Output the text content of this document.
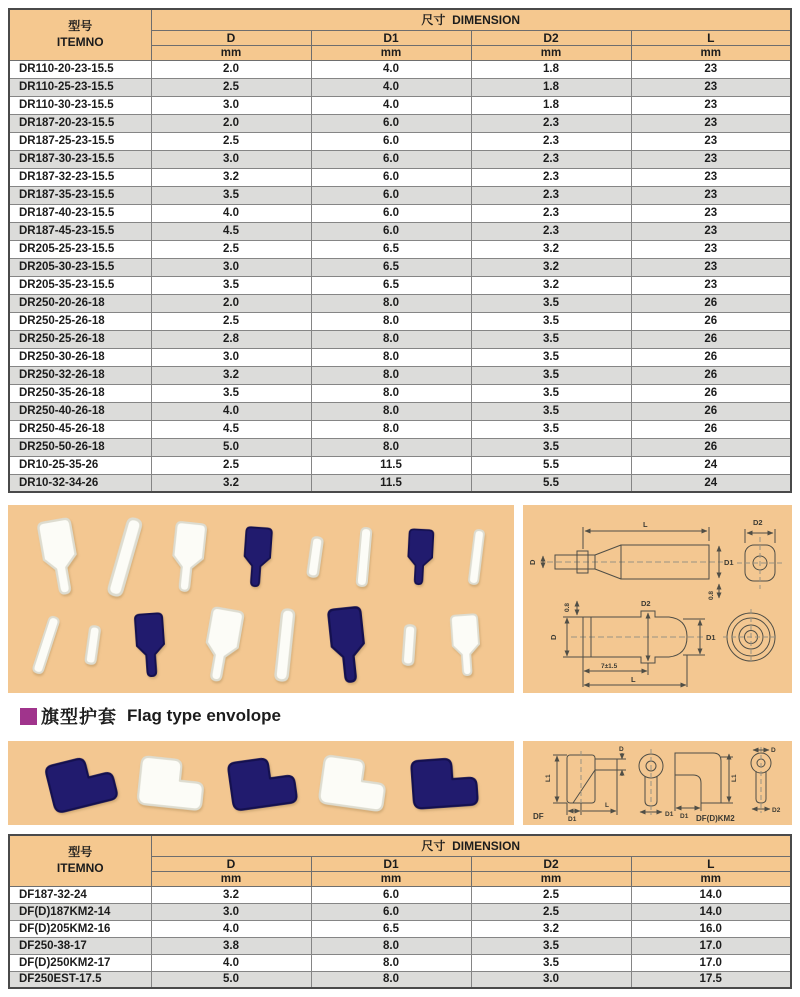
型号
ITEMNO	尺寸 DIMENSION			
	D	D1	D2	L
	mm	mm	mm	mm
DR110-20-23-15.5	2.0	4.0	1.8	23
DR110-25-23-15.5	2.5	4.0	1.8	23
DR110-30-23-15.5	3.0	4.0	1.8	23
DR187-20-23-15.5	2.0	6.0	2.3	23
DR187-25-23-15.5	2.5	6.0	2.3	23
DR187-30-23-15.5	3.0	6.0	2.3	23
DR187-32-23-15.5	3.2	6.0	2.3	23
DR187-35-23-15.5	3.5	6.0	2.3	23
DR187-40-23-15.5	4.0	6.0	2.3	23
DR187-45-23-15.5	4.5	6.0	2.3	23
DR205-25-23-15.5	2.5	6.5	3.2	23
DR205-30-23-15.5	3.0	6.5	3.2	23
DR205-35-23-15.5	3.5	6.5	3.2	23
DR250-20-26-18	2.0	8.0	3.5	26
DR250-25-26-18	2.5	8.0	3.5	26
DR250-25-26-18	2.8	8.0	3.5	26
DR250-30-26-18	3.0	8.0	3.5	26
DR250-32-26-18	3.2	8.0	3.5	26
DR250-35-26-18	3.5	8.0	3.5	26
DR250-40-26-18	4.0	8.0	3.5	26
DR250-45-26-18	4.5	8.0	3.5	26
DR250-50-26-18	5.0	8.0	3.5	26
DR10-25-35-26	2.5	11.5	5.5	24
DR10-32-34-26	3.2	11.5	5.5	24
L
D	D1
0.8
D2
0.8
D
D2
7±1.5
L
D1
旗型护套 Flag type envolope
L1
D
D1
L
DF	D1
L1
D1 DF(D)KM2
D
D2
型号
ITEMNO	尺寸 DIMENSION			
	D	D1	D2	L
	mm	mm	mm	mm
DF187-32-24	3.2	6.0	2.5	14.0
DF(D)187KM2-14	3.0	6.0	2.5	14.0
DF(D)205KM2-16	4.0	6.5	3.2	16.0
DF250-38-17	3.8	8.0	3.5	17.0
DF(D)250KM2-17	4.0	8.0	3.5	17.0
DF250EST-17.5	5.0	8.0	3.0	17.5
